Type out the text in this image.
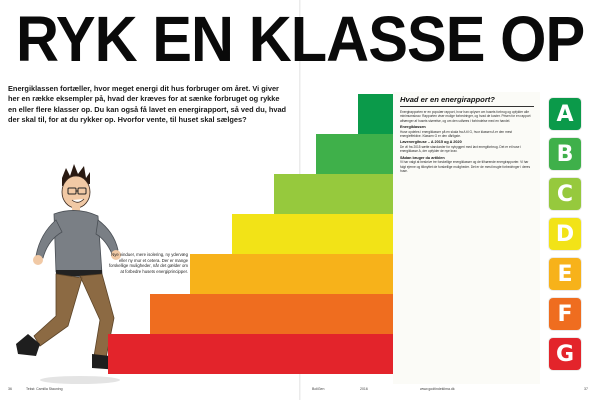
RYK EN KLASSE OP
Energiklassen fortæller, hvor meget energi dit hus forbruger om året. Vi giver her en række eksempler på, hvad der kræves for at sænke forbruget og rykke en eller flere klasser op. Du kan også få lavet en energirapport, så ved du, hvad der skal til, for at du rykker op. Hvorfor vente, til huset skal sælges?
Nye vinduer, mere isolering, ny ydervæg eller ny mur et cetera. Der er mange forskellige muligheder, når det gælder om at forbedre husets energiprincipper.
Hvad er en energirapport?

Energirapporten er en populær rapport, hvor han oplyser om husets forbrug og opfylder alle minimumskrav. Rapporten viser mulige forbedringer, og hvad de koster. Prisen for en rapport afhænger af husets størrelse, og om den udføres i forbindelse med en handel.

Energiklassen

Huse opdeles i energiklasser på en skala fra A til G, hvor klassen A er den mest energieffektive. Klassen G er den dårligste.

Lavenergihuse – A 2015 og A 2020

De vil fra 2015 sætte standarder for nybyggeri med lavt energiforbrug. Det er et huse i energiklasse A, der opfylder de nye krav.

Sådan bruger du artiklen

Vi har valgt at beskrive tre forskellige energiklasser og de tilhørende energirapporter. Vi har fulgt ejerne og tilknyttet de forskellige muligheder. Det er de mest brugte forbedringer i deres huse.

A
B
C
D
E
F
G
36	Tekst: Camilla Stauning	BoliGen	2016	www.godtindeklima.dk	37
